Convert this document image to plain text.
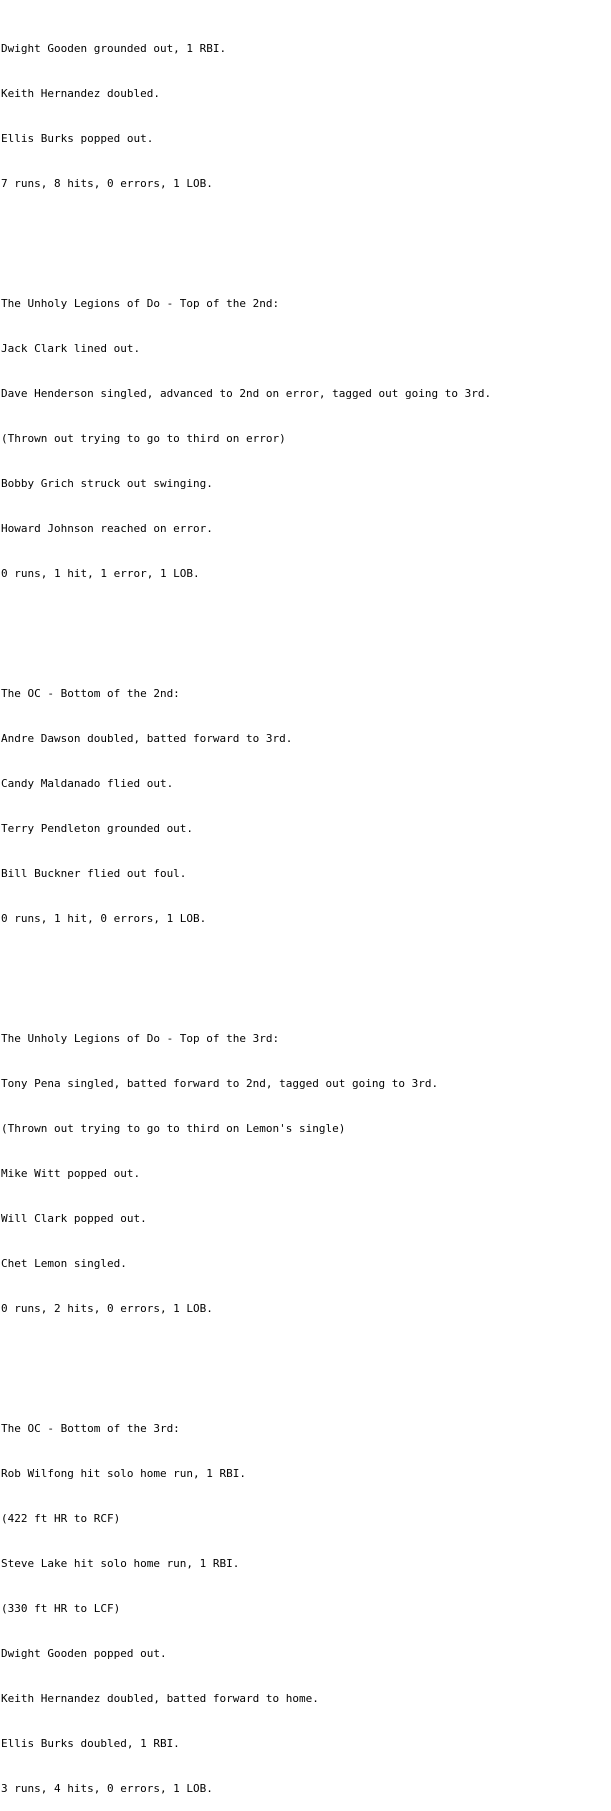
Dwight Gooden grounded out, 1 RBI.

Keith Hernandez doubled.

Ellis Burks popped out.

7 runs, 8 hits, 0 errors, 1 LOB.

The Unholy Legions of Do - Top of the 2nd:

Jack Clark lined out.

Dave Henderson singled, advanced to 2nd on error, tagged out going to 3rd.

(Thrown out trying to go to third on error)

Bobby Grich struck out swinging.

Howard Johnson reached on error.

0 runs, 1 hit, 1 error, 1 LOB.

The OC - Bottom of the 2nd:

Andre Dawson doubled, batted forward to 3rd.

Candy Maldanado flied out.

Terry Pendleton grounded out.

Bill Buckner flied out foul.

0 runs, 1 hit, 0 errors, 1 LOB.

The Unholy Legions of Do - Top of the 3rd:

Tony Pena singled, batted forward to 2nd, tagged out going to 3rd.

(Thrown out trying to go to third on Lemon's single)

Mike Witt popped out.

Will Clark popped out.

Chet Lemon singled.

0 runs, 2 hits, 0 errors, 1 LOB.

The OC - Bottom of the 3rd:

Rob Wilfong hit solo home run, 1 RBI.

(422 ft HR to RCF)

Steve Lake hit solo home run, 1 RBI.

(330 ft HR to LCF)

Dwight Gooden popped out.

Keith Hernandez doubled, batted forward to home.

Ellis Burks doubled, 1 RBI.

3 runs, 4 hits, 0 errors, 1 LOB.
